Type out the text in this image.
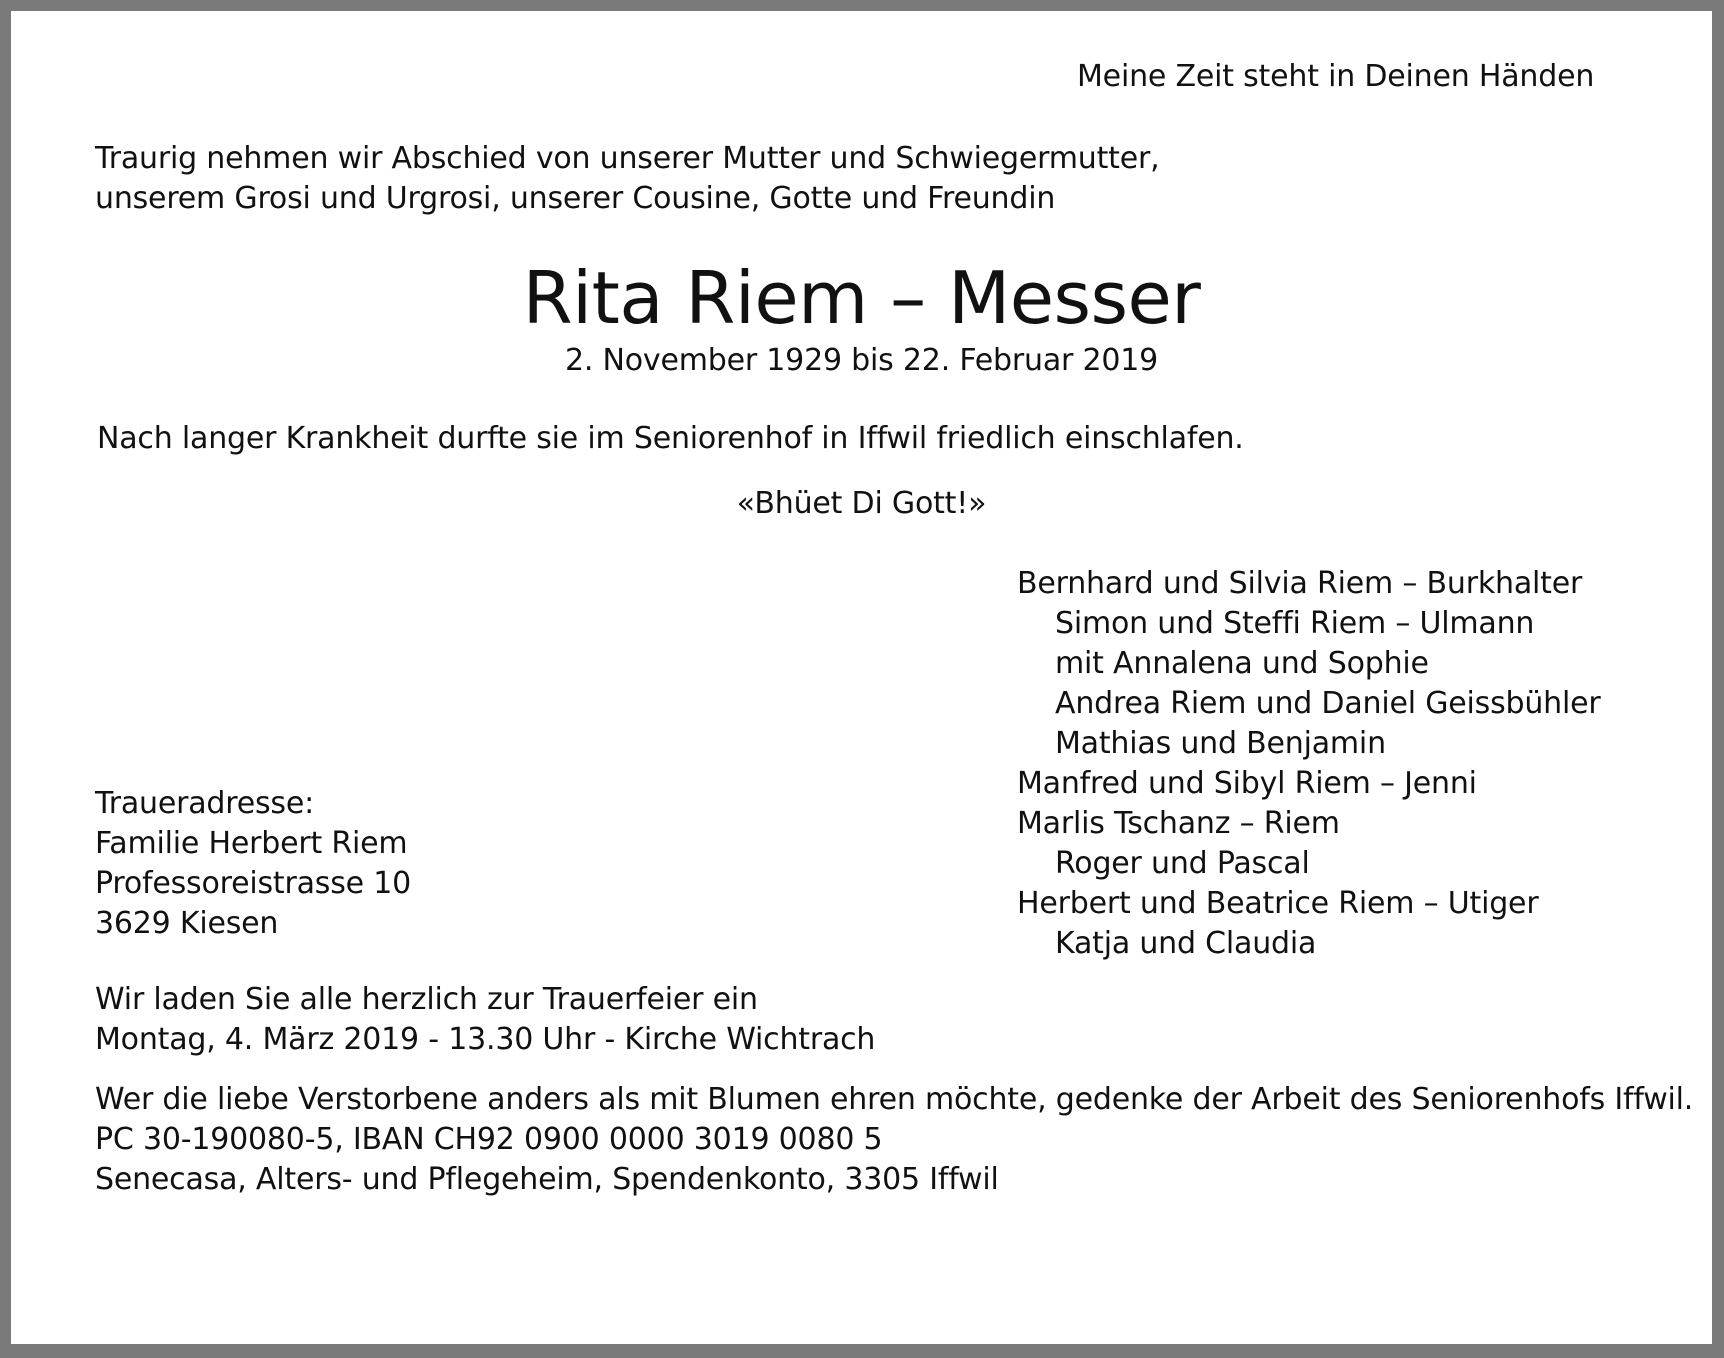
Meine Zeit steht in Deinen Händen
Traurig nehmen wir Abschied von unserer Mutter und Schwiegermutter,
unserem Grosi und Urgrosi, unserer Cousine, Gotte und Freundin
Rita Riem – Messer
2. November 1929 bis 22. Februar 2019
Nach langer Krankheit durfte sie im Seniorenhof in Iffwil friedlich einschlafen.
«Bhüet Di Gott!»
Bernhard und Silvia Riem – Burkhalter
Simon und Steffi Riem – Ulmann
mit Annalena und Sophie
Andrea Riem und Daniel Geissbühler
Mathias und Benjamin
Manfred und Sibyl Riem – Jenni
Marlis Tschanz – Riem
Roger und Pascal
Herbert und Beatrice Riem – Utiger
Katja und Claudia
Traueradresse:
Familie Herbert Riem
Professoreistrasse 10
3629 Kiesen
Wir laden Sie alle herzlich zur Trauerfeier ein
Montag, 4. März 2019 - 13.30 Uhr - Kirche Wichtrach
Wer die liebe Verstorbene anders als mit Blumen ehren möchte, gedenke der Arbeit des Seniorenhofs Iffwil.
PC 30-190080-5, IBAN CH92 0900 0000 3019 0080 5
Senecasa, Alters- und Pflegeheim, Spendenkonto, 3305 Iffwil
